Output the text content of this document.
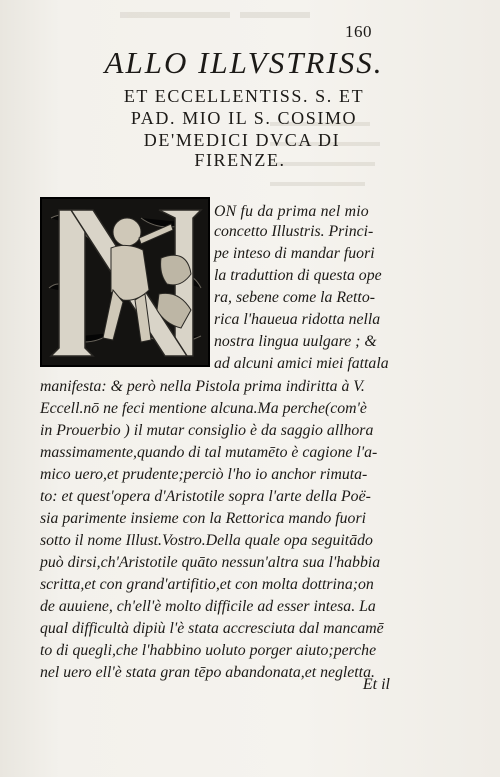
160
ALLO ILLVSTRISS.
ET ECCELLENTISS. S. ET
PAD. MIO IL S. COSIMO
DE'MEDICI DVCA DI
FIRENZE.
ON fu da prima nel mio
concetto Illustris. Princi-
pe inteso di mandar fuori
la traduttion di questa ope
ra, sebene come la Retto-
rica l'haueua ridotta nella
nostra lingua uulgare ; &
ad alcuni amici miei fattala
manifesta: & però nella Pistola prima indiritta à V.
Eccell.nō ne feci mentione alcuna.Ma perche(com'è
in Prouerbio ) il mutar consiglio è da saggio allhora
massimamente,quando di tal mutamēto è cagione l'a-
mico uero,et prudente;perciò l'ho io anchor rimuta-
to: et quest'opera d'Aristotile sopra l'arte della Poë-
sia parimente insieme con la Rettorica mando fuori
sotto il nome Illust.Vostro.Della quale opa seguitādo
può dirsi,ch'Aristotile quāto nessun'altra sua l'habbia
scritta,et con grand'artifitio,et con molta dottrina;on
de auuiene, ch'ell'è molto difficile ad esser intesa. La
qual difficultà dipiù l'è stata accresciuta dal mancamē
to di quegli,che l'habbino uoluto porger aiuto;perche
nel uero ell'è stata gran tēpo abandonata,et negletta.
Et il
